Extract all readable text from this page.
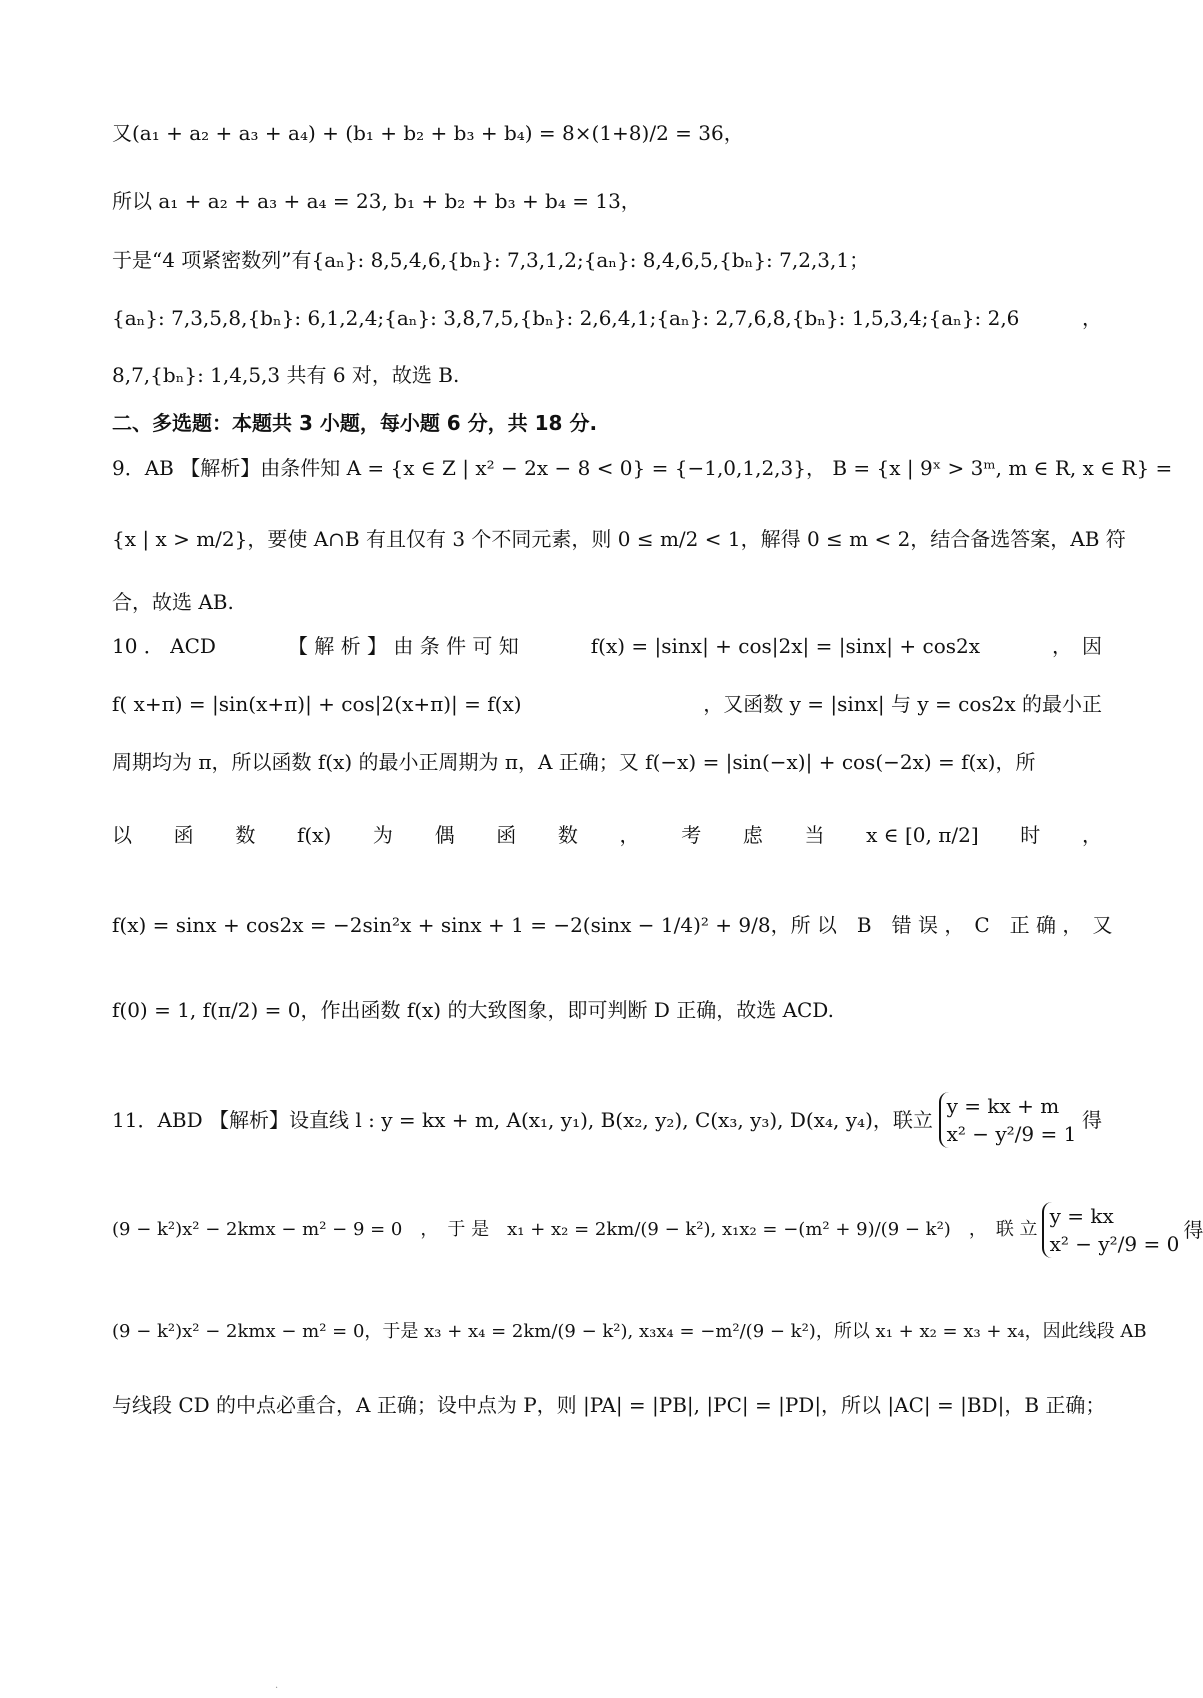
又(a₁ + a₂ + a₃ + a₄) + (b₁ + b₂ + b₃ + b₄) = 8×(1+8)/2 = 36，
所以 a₁ + a₂ + a₃ + a₄ = 23, b₁ + b₂ + b₃ + b₄ = 13，
于是“4 项紧密数列”有{aₙ}: 8,5,4,6,{bₙ}: 7,3,1,2;{aₙ}: 8,4,6,5,{bₙ}: 7,2,3,1；
{aₙ}: 7,3,5,8,{bₙ}: 6,1,2,4;{aₙ}: 3,8,7,5,{bₙ}: 2,6,4,1;{aₙ}: 2,7,6,8,{bₙ}: 1,5,3,4;{aₙ}: 2,6	，
8,7,{bₙ}: 1,4,5,3 共有 6 对，故选 B.
二、多选题：本题共 3 小题，每小题 6 分，共 18 分.
9．AB 【解析】由条件知 A = {x ∈ Z | x² − 2x − 8 < 0} = {−1,0,1,2,3}， B = {x | 9ˣ > 3ᵐ, m ∈ R, x ∈ R} =
{x | x > m/2}，要使 A∩B 有且仅有 3 个不同元素，则 0 ≤ m/2 < 1，解得 0 ≤ m < 2，结合备选答案，AB 符
合，故选 AB.
10 ． ACD	【 解 析 】 由 条 件 可 知	f(x) = |sinx| + cos|2x| = |sinx| + cos2x	，　因
f( x+π) = |sin(x+π)| + cos|2(x+π)| = f(x)	，又函数 y = |sinx| 与 y = cos2x 的最小正
周期均为 π，所以函数 f(x) 的最小正周期为 π，A 正确；又 f(−x) = |sin(−x)| + cos(−2x) = f(x)，所
以 函 数 f(x) 为 偶 函 数 ， 考 虑 当 x ∈ [0, π/2] 时 ，
f(x) = sinx + cos2x = −2sin²x + sinx + 1 = −2(sinx − 1/4)² + 9/8 ，所 以　B　错 误 ，　C　正 确 ，　又
f(0) = 1, f(π/2) = 0，作出函数 f(x) 的大致图象，即可判断 D 正确，故选 ACD.
11．ABD 【解析】设直线 l : y = kx + m, A(x₁, y₁), B(x₂, y₂), C(x₃, y₃), D(x₄, y₄)，联立
y = kx + m
x² − y²/9 = 1
得
(9 − k²)x² − 2kmx − m² − 9 = 0　，　于 是　x₁ + x₂ = 2km/(9 − k²), x₁x₂ = −(m² + 9)/(9 − k²)　，　联 立
y = kx
x² − y²/9 = 0
得
(9 − k²)x² − 2kmx − m² = 0，于是 x₃ + x₄ = 2km/(9 − k²), x₃x₄ = −m²/(9 − k²)，所以 x₁ + x₂ = x₃ + x₄，因此线段 AB
与线段 CD 的中点必重合，A 正确；设中点为 P，则 |PA| = |PB|, |PC| = |PD|，所以 |AC| = |BD|，B 正确；
·
